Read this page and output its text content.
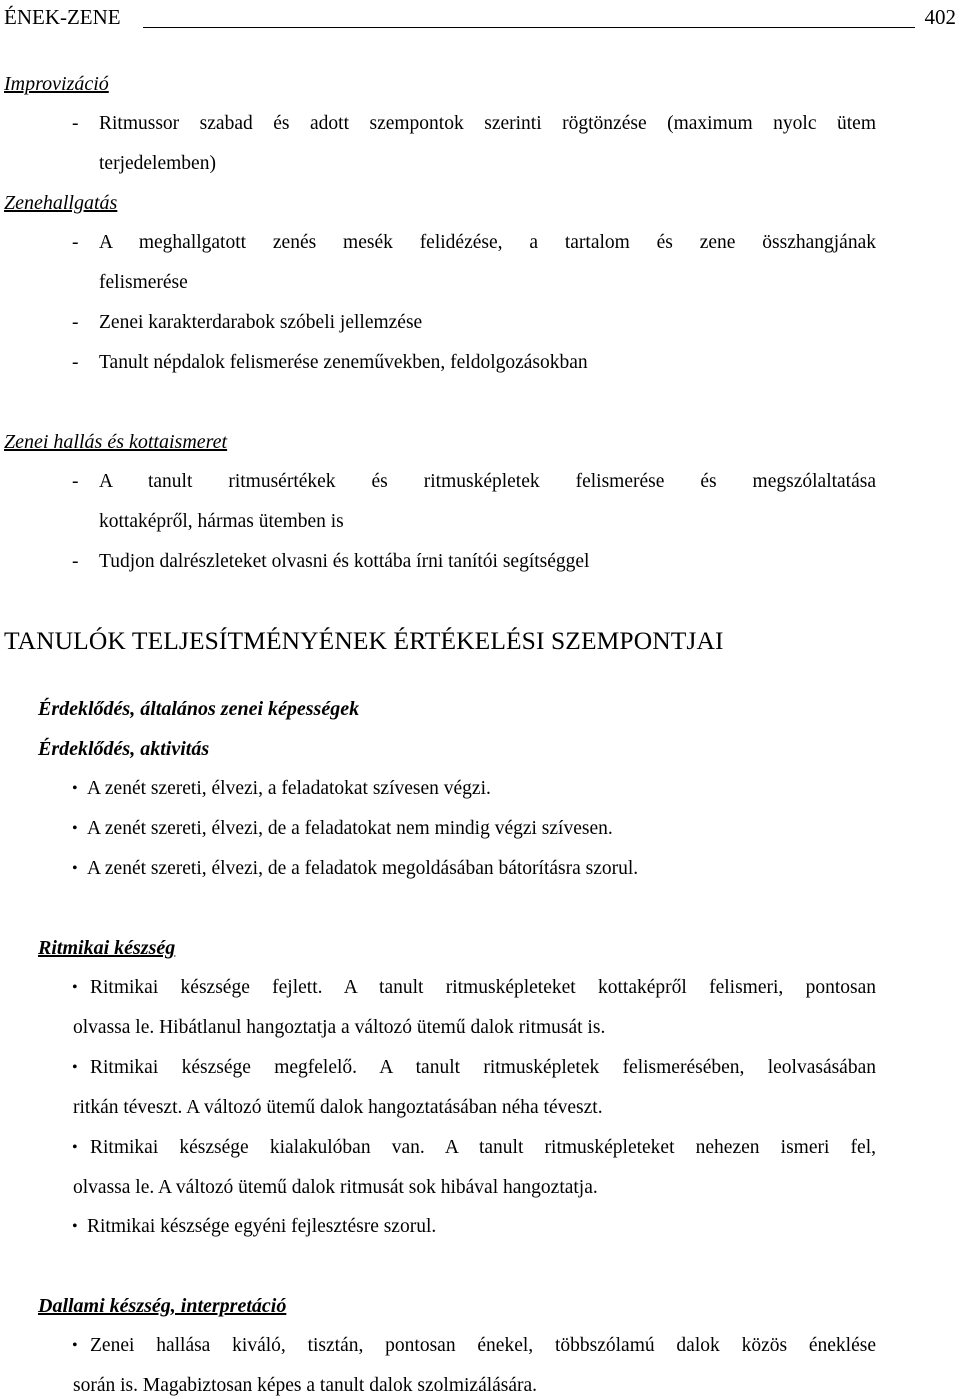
ÉNEK-ZENE	402
Improvizáció
- Ritmussor szabad és adott szempontok szerinti rögtönzése (maximum nyolc ütem
terjedelemben)
Zenehallgatás
- A meghallgatott zenés mesék felidézése, a tartalom és zene összhangjának
felismerése
- Zenei karakterdarabok szóbeli jellemzése
- Tanult népdalok felismerése zeneművekben, feldolgozásokban
Zenei hallás és kottaismeret
- A tanult ritmusértékek és ritmusképletek felismerése és megszólaltatása
kottaképről, hármas ütemben is
- Tudjon dalrészleteket olvasni és kottába írni tanítói segítséggel
TANULÓK TELJESÍTMÉNYÉNEK ÉRTÉKELÉSI SZEMPONTJAI
Érdeklődés, általános zenei képességek
Érdeklődés, aktivitás
• A zenét szereti, élvezi, a feladatokat szívesen végzi.
• A zenét szereti, élvezi, de a feladatokat nem mindig végzi szívesen.
• A zenét szereti, élvezi, de a feladatok megoldásában bátorításra szorul.
Ritmikai készség
• Ritmikai készsége fejlett. A tanult ritmusképleteket kottaképről felismeri, pontosan
olvassa le. Hibátlanul hangoztatja a változó ütemű dalok ritmusát is.
• Ritmikai készsége megfelelő. A tanult ritmusképletek felismerésében, leolvasásában
ritkán téveszt. A változó ütemű dalok hangoztatásában néha téveszt.
• Ritmikai készsége kialakulóban van. A tanult ritmusképleteket nehezen ismeri fel,
olvassa le. A változó ütemű dalok ritmusát sok hibával hangoztatja.
• Ritmikai készsége egyéni fejlesztésre szorul.
Dallami készség, interpretáció
• Zenei hallása kiváló, tisztán, pontosan énekel, többszólamú dalok közös éneklése
során is. Magabiztosan képes a tanult dalok szolmizálására.
